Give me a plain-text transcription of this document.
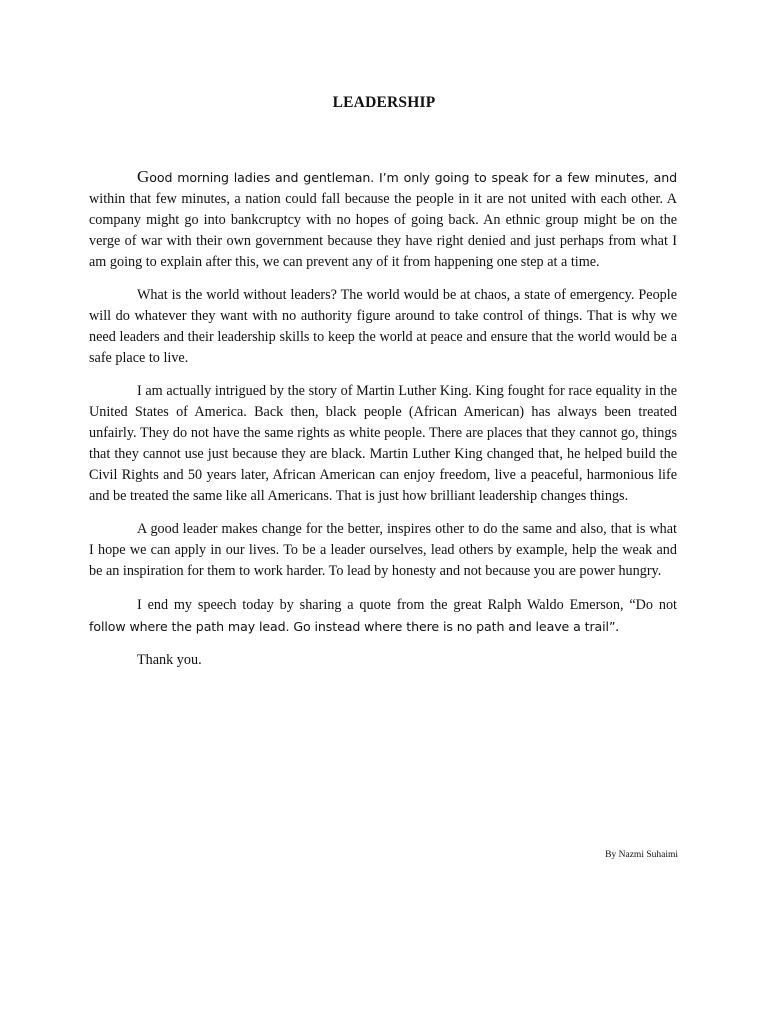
LEADERSHIP

Good morning ladies and gentleman. I’m only going to speak for a few minutes, and within that few minutes, a nation could fall because the people in it are not united with each other. A company might go into bankcruptcy with no hopes of going back. An ethnic group might be on the verge of war with their own government because they have right denied and just perhaps from what I am going to explain after this, we can prevent any of it from happening one step at a time.

What is the world without leaders? The world would be at chaos, a state of emergency. People will do whatever they want with no authority figure around to take control of things. That is why we need leaders and their leadership skills to keep the world at peace and ensure that the world would be a safe place to live.

I am actually intrigued by the story of Martin Luther King. King fought for race equality in the United States of America. Back then, black people (African American) has always been treated unfairly. They do not have the same rights as white people. There are places that they cannot go, things that they cannot use just because they are black. Martin Luther King changed that, he helped build the Civil Rights and 50 years later, African American can enjoy freedom, live a peaceful, harmonious life and be treated the same like all Americans. That is just how brilliant leadership changes things.

A good leader makes change for the better, inspires other to do the same and also, that is what I hope we can apply in our lives. To be a leader ourselves, lead others by example, help the weak and be an inspiration for them to work harder. To lead by honesty and not because you are power hungry.

I end my speech today by sharing a quote from the great Ralph Waldo Emerson, “Do not follow where the path may lead. Go instead where there is no path and leave a trail”.

Thank you.

By Nazmi Suhaimi
